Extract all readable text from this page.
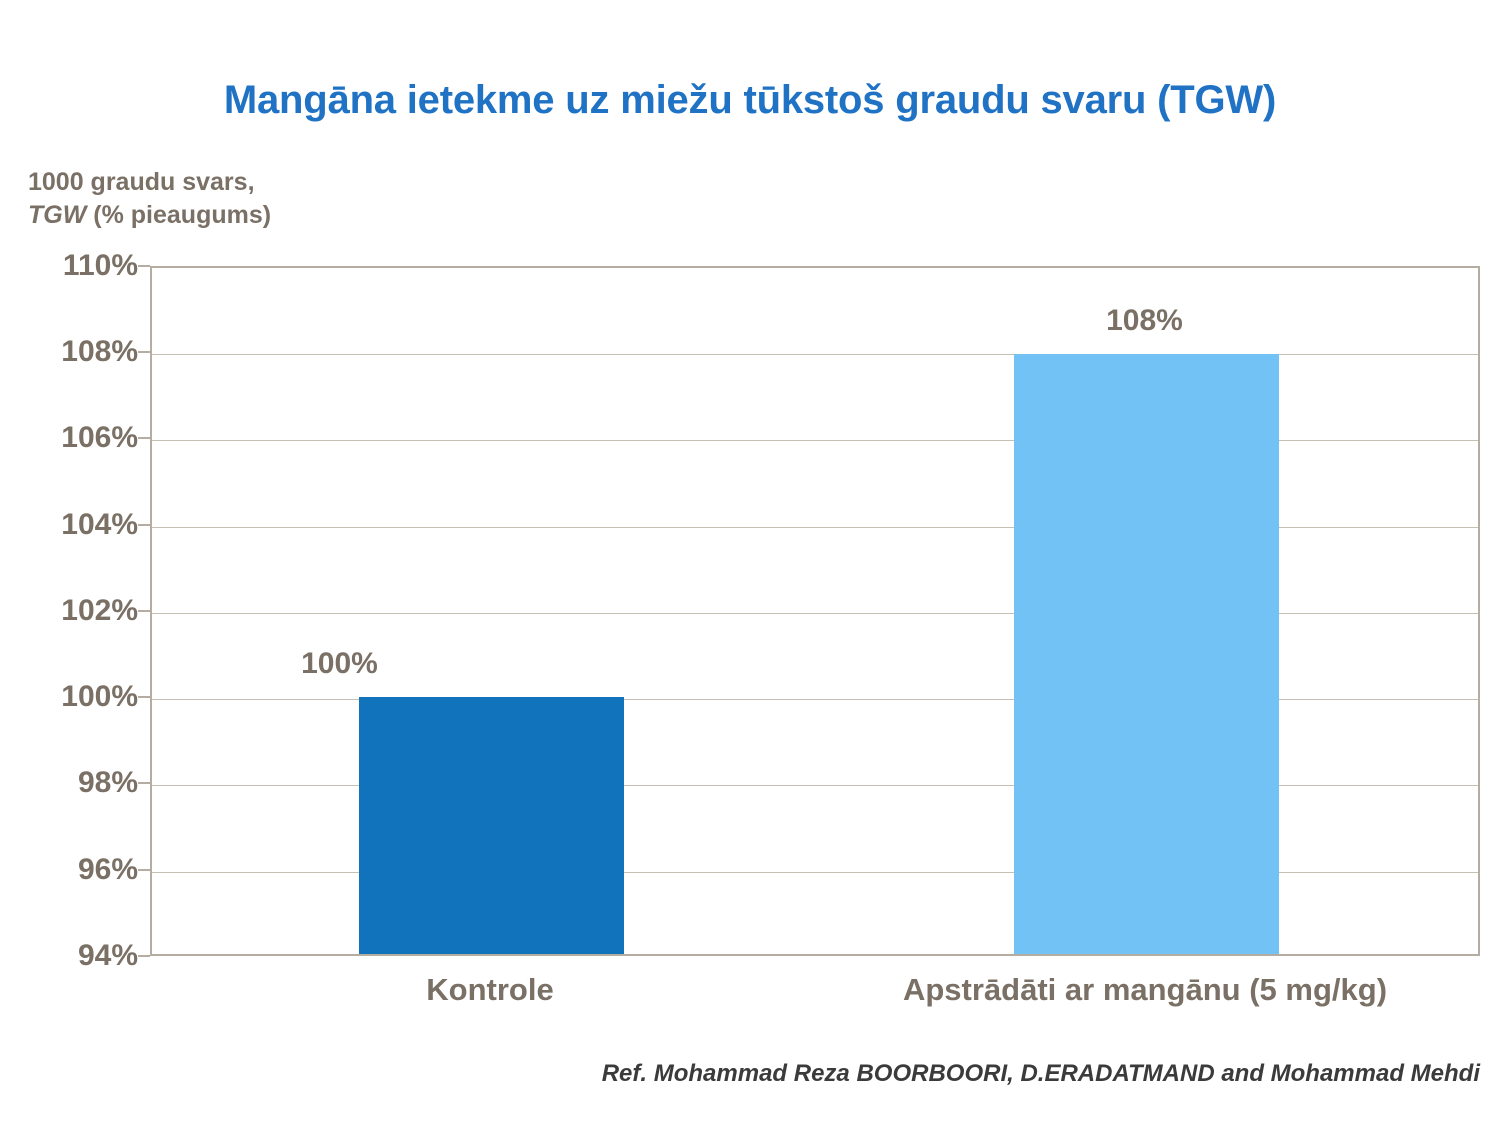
Mangāna ietekme uz miežu tūkstoš graudu svaru (TGW)
1000 graudu svars,
TGW (% pieaugums)
110%
108%
106%
104%
102%
100%
98%
96%
94%
100%
108%
Kontrole	Apstrādāti ar mangānu (5 mg/kg)
Ref. Mohammad Reza BOORBOORI, D.ERADATMAND and Mohammad Mehdi
